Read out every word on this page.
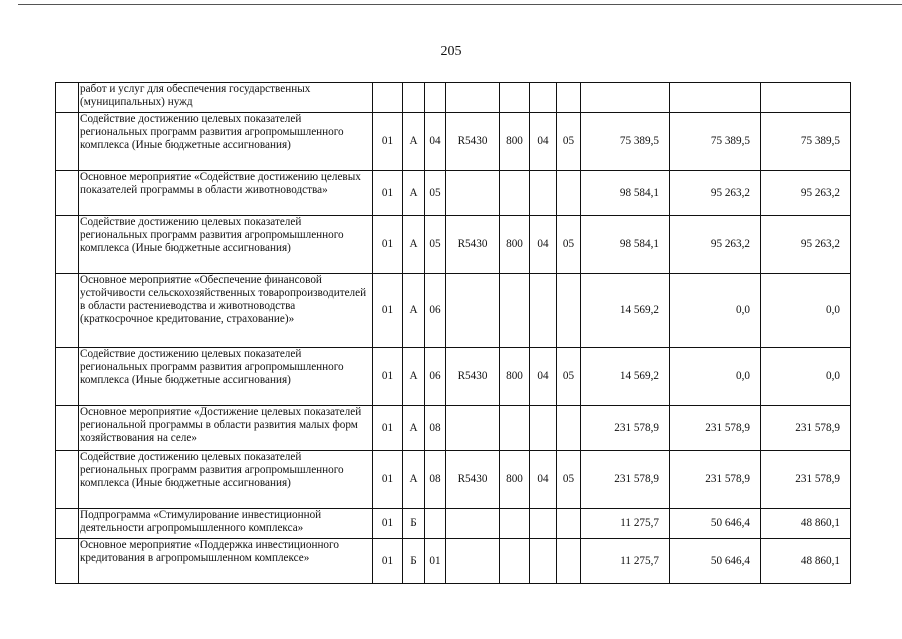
205
	работ и услуг для обеспечения государственных (муниципальных) нужд										
	Содействие достижению целевых показателей региональных программ развития агропромышленного комплекса (Иные бюджетные ассигнования)	01	А	04	R5430	800	04	05	75 389,5	75 389,5	75 389,5
	Основное мероприятие «Содействие достижению целевых показателей программы в области животноводства»	01	А	05					98 584,1	95 263,2	95 263,2
	Содействие достижению целевых показателей региональных программ развития агропромышленного комплекса (Иные бюджетные ассигнования)	01	А	05	R5430	800	04	05	98 584,1	95 263,2	95 263,2
	Основное мероприятие «Обеспечение финансовой устойчивости сельскохозяйственных товаропроизводителей в области растениеводства и животноводства (краткосрочное кредитование, страхование)»	01	А	06					14 569,2	0,0	0,0
	Содействие достижению целевых показателей региональных программ развития агропромышленного комплекса (Иные бюджетные ассигнования)	01	А	06	R5430	800	04	05	14 569,2	0,0	0,0
	Основное мероприятие «Достижение целевых показателей региональной программы в области развития малых форм хозяйствования на селе»	01	А	08					231 578,9	231 578,9	231 578,9
	Содействие достижению целевых показателей региональных программ развития агропромышленного комплекса (Иные бюджетные ассигнования)	01	А	08	R5430	800	04	05	231 578,9	231 578,9	231 578,9
	Подпрограмма «Стимулирование инвестиционной деятельности агропромышленного комплекса»	01	Б						11 275,7	50 646,4	48 860,1
	Основное мероприятие «Поддержка инвестиционного кредитования в агропромышленном комплексе»	01	Б	01					11 275,7	50 646,4	48 860,1
